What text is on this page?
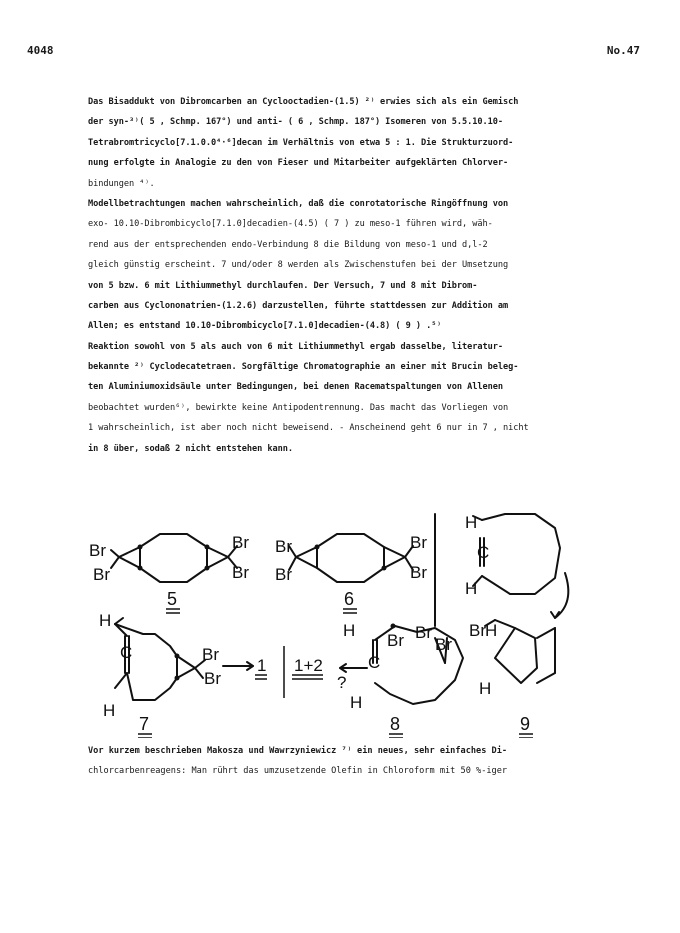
4048	No.47
Das Bisaddukt von Dibromcarben an Cyclooctadien-(1.5) ²⁾ erwies sich als ein Gemisch
der syn-³⁾( 5 , Schmp. 167°) und anti- ( 6 , Schmp. 187°) Isomeren von 5.5.10.10-
Tetrabromtricyclo[7.1.0.0⁴·⁶]decan im Verhältnis von etwa 5 : 1. Die Strukturzuord-
nung erfolgte in Analogie zu den von Fieser und Mitarbeiter aufgeklärten Chlorver-
bindungen ⁴⁾.
Modellbetrachtungen machen wahrscheinlich, daß die conrotatorische Ringöffnung von
exo- 10.10-Dibrombicyclo[7.1.0]decadien-(4.5) ( 7 ) zu meso-1 führen wird, wäh-
rend aus der entsprechenden endo-Verbindung 8 die Bildung von meso-1 und d,l-2
gleich günstig erscheint. 7 und/oder 8 werden als Zwischenstufen bei der Umsetzung
von 5 bzw. 6 mit Lithiummethyl durchlaufen. Der Versuch, 7 und 8 mit Dibrom-
carben aus Cyclononatrien-(1.2.6) darzustellen, führte stattdessen zur Addition am
Allen; es entstand 10.10-Dibrombicyclo[7.1.0]decadien-(4.8) ( 9 ) .⁵⁾
Reaktion sowohl von 5 als auch von 6 mit Lithiummethyl ergab dasselbe, literatur-
bekannte ²⁾ Cyclodecatetraen. Sorgfältige Chromatographie an einer mit Brucin beleg-
ten Aluminiumoxidsäule unter Bedingungen, bei denen Racematspaltungen von Allenen
beobachtet wurden⁶⁾, bewirkte keine Antipodentrennung. Das macht das Vorliegen von
1 wahrscheinlich, ist aber noch nicht beweisend. - Anscheinend geht 6 nur in 7 , nicht
in 8 über, sodaß 2 nicht entstehen kann.
Br
Br
Br
Br
Br
Br
Br
Br
H
C
H
H
C
H
Br
Br
H
Br Br
C
H
Br
Br
H
H
1 1+2
?
5	6
7	8	9
Vor kurzem beschrieben Makosza und Wawrzyniewicz ⁷⁾ ein neues, sehr einfaches Di-
chlorcarbenreagens: Man rührt das umzusetzende Olefin in Chloroform mit 50 %-iger
